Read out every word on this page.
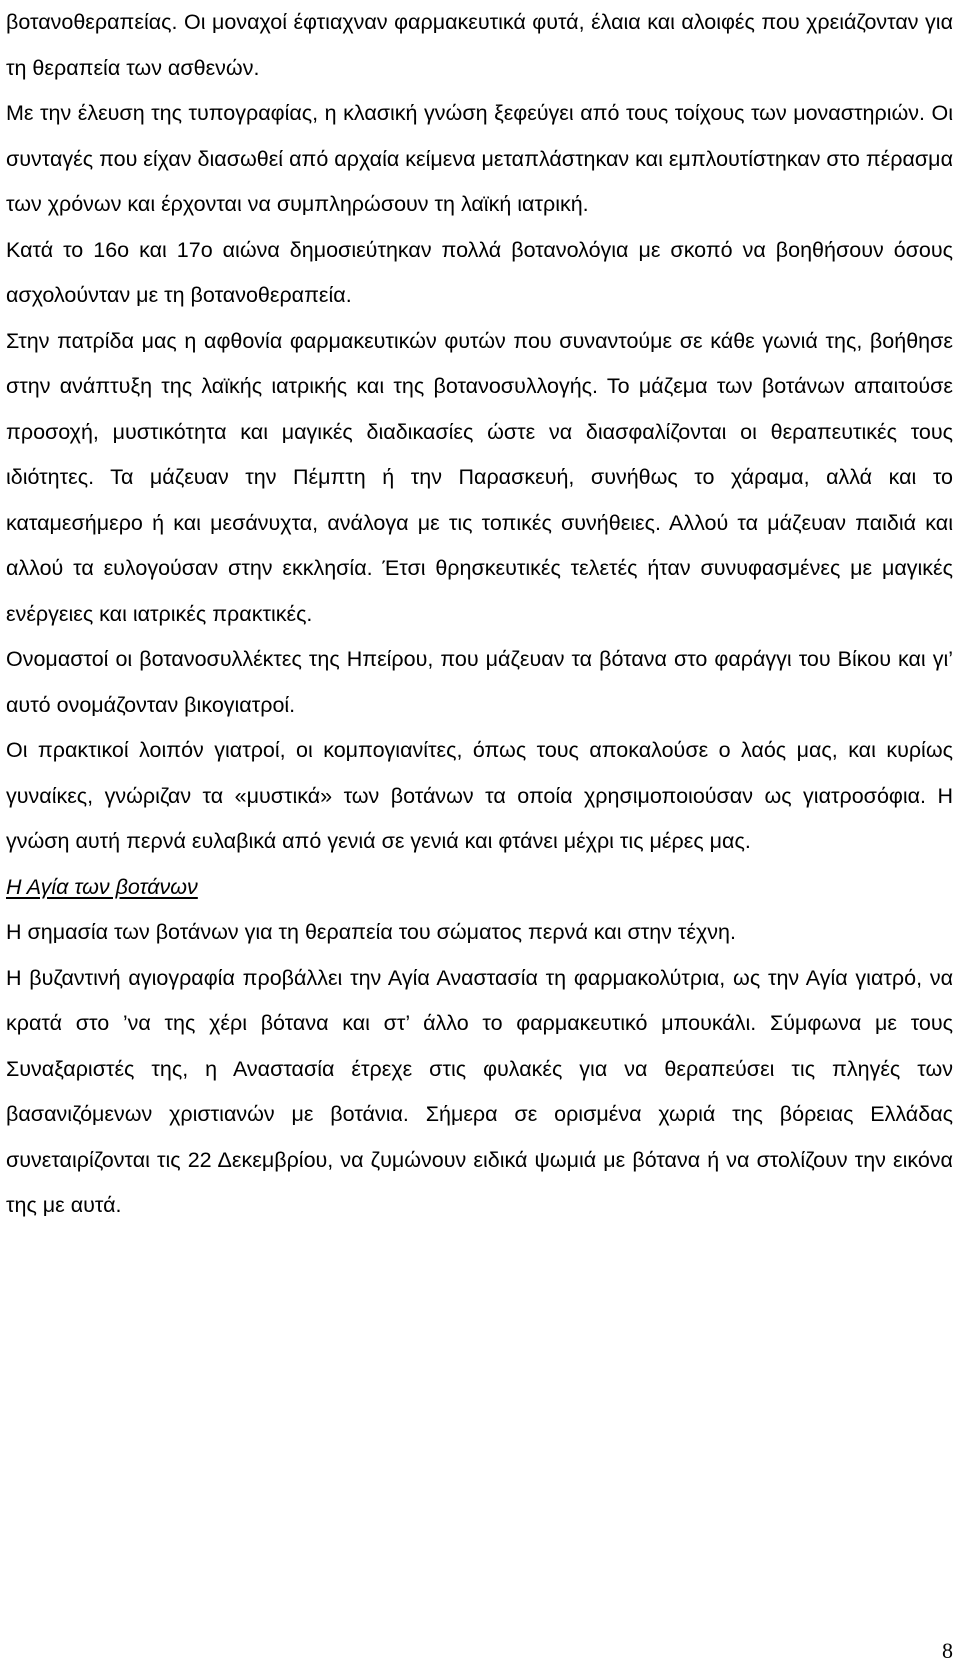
βοτανοθεραπείας. Οι μοναχοί έφτιαχναν φαρμακευτικά φυτά, έλαια και αλοιφές που χρειάζονταν για τη θεραπεία των ασθενών.

Με την έλευση της τυπογραφίας, η κλασική γνώση ξεφεύγει από τους τοίχους των μοναστηριών. Οι συνταγές που είχαν διασωθεί από αρχαία κείμενα μεταπλάστηκαν και εμπλουτίστηκαν στο πέρασμα των χρόνων και έρχονται να συμπληρώσουν τη λαϊκή ιατρική.

Κατά το 16ο και 17ο αιώνα δημοσιεύτηκαν πολλά βοτανολόγια με σκοπό να βοηθήσουν όσους ασχολούνταν με τη βοτανοθεραπεία.

Στην πατρίδα μας η αφθονία φαρμακευτικών φυτών που συναντούμε σε κάθε γωνιά της, βοήθησε στην ανάπτυξη της λαϊκής ιατρικής και της βοτανοσυλλογής. Το μάζεμα των βοτάνων απαιτούσε προσοχή, μυστικότητα και μαγικές διαδικασίες ώστε να διασφαλίζονται οι θεραπευτικές τους ιδιότητες. Τα μάζευαν την Πέμπτη ή την Παρασκευή, συνήθως το χάραμα, αλλά και το καταμεσήμερο ή και μεσάνυχτα, ανάλογα με τις τοπικές συνήθειες. Αλλού τα μάζευαν παιδιά και αλλού τα ευλογούσαν στην εκκλησία. Έτσι θρησκευτικές τελετές ήταν συνυφασμένες με μαγικές ενέργειες και ιατρικές πρακτικές.

Ονομαστοί οι βοτανοσυλλέκτες της Ηπείρου, που μάζευαν τα βότανα στο φαράγγι του Βίκου και γι’ αυτό ονομάζονταν βικογιατροί.

Οι πρακτικοί λοιπόν γιατροί, οι κομπογιανίτες, όπως τους αποκαλούσε ο λαός μας, και κυρίως γυναίκες, γνώριζαν τα «μυστικά» των βοτάνων τα οποία χρησιμοποιούσαν ως γιατροσόφια. Η γνώση αυτή περνά ευλαβικά από γενιά σε γενιά και φτάνει μέχρι τις μέρες μας.

Η Αγία των βοτάνων

Η σημασία των βοτάνων για τη θεραπεία του σώματος περνά και στην τέχνη.

Η βυζαντινή αγιογραφία προβάλλει την Αγία Αναστασία τη φαρμακολύτρια, ως την Αγία γιατρό, να κρατά στο ’να της χέρι βότανα και στ’ άλλο το φαρμακευτικό μπουκάλι. Σύμφωνα με τους Συναξαριστές της, η Αναστασία έτρεχε στις φυλακές για να θεραπεύσει τις πληγές των βασανιζόμενων χριστιανών με βοτάνια. Σήμερα σε ορισμένα χωριά της βόρειας Ελλάδας συνεταιρίζονται τις 22 Δεκεμβρίου, να ζυμώνουν ειδικά ψωμιά με βότανα ή να στολίζουν την εικόνα της με αυτά.

8
